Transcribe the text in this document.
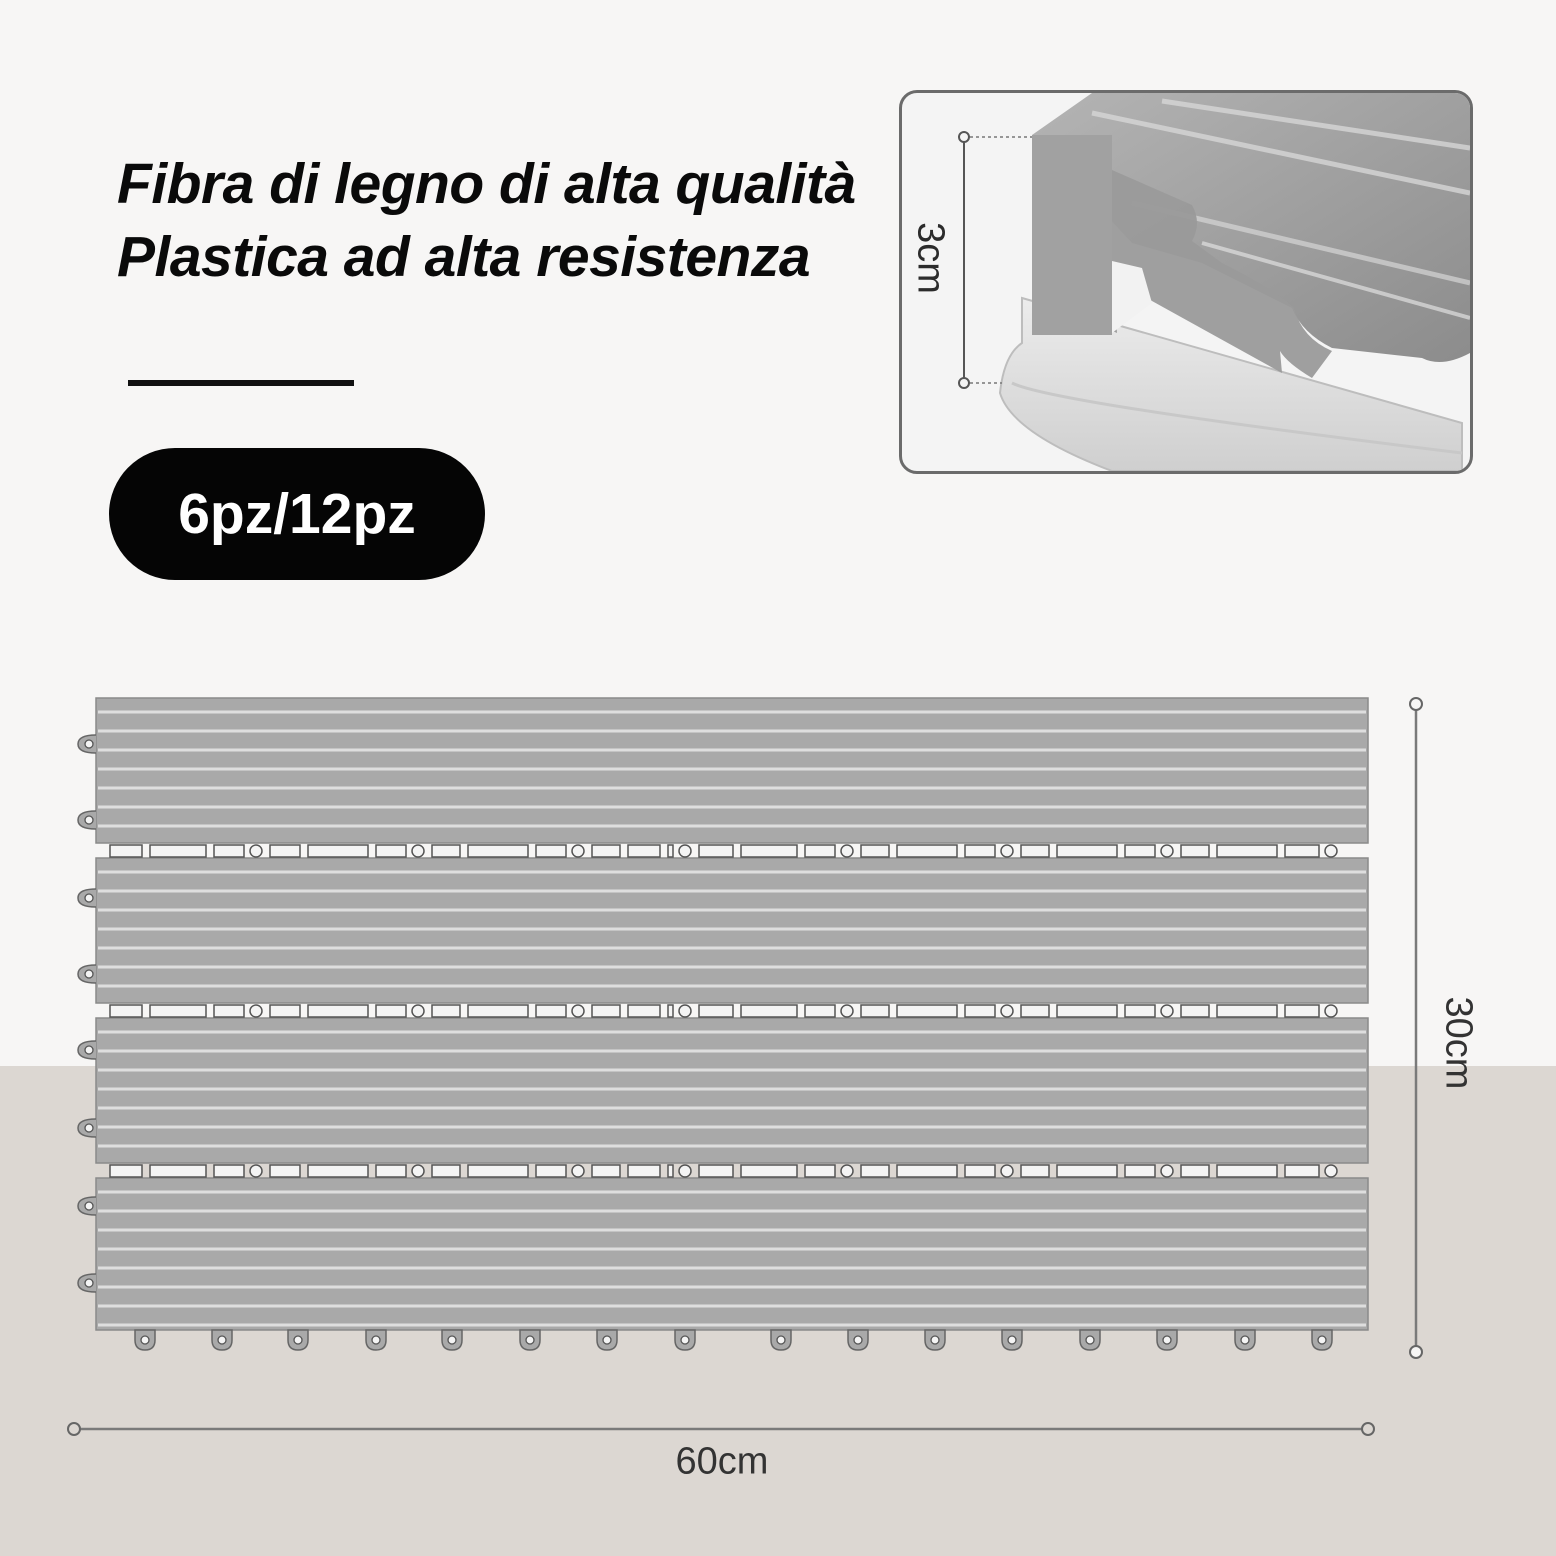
Fibra di legno di alta qualità
Plastica ad alta resistenza
6pz/12pz
3cm
30cm
60cm
